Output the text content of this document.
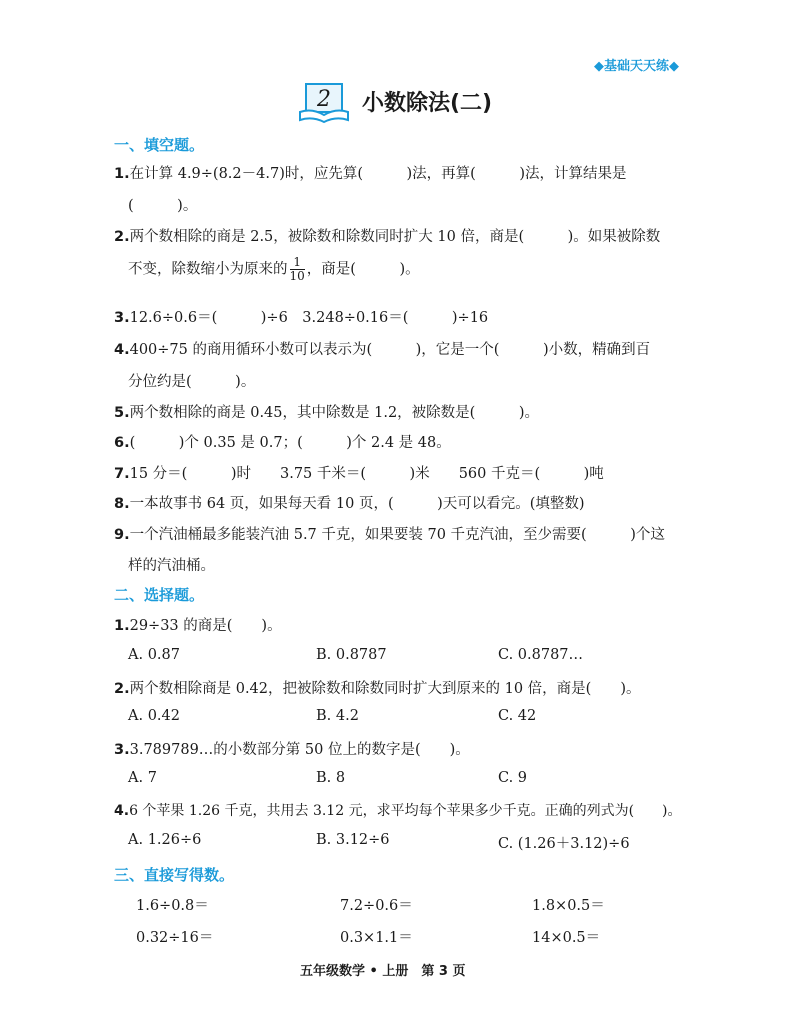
◆基础天天练◆
2 小数除法(二)
一、填空题。
1.在计算 4.9÷(8.2－4.7)时，应先算(　　　)法，再算(　　　)法，计算结果是
(　　　)。
2.两个数相除的商是 2.5，被除数和除数同时扩大 10 倍，商是(　　　)。如果被除数
不变，除数缩小为原来的 $\frac{1}{10}$ ，商是(　　　)。
3.12.6÷0.6＝(　　　)÷6　3.248÷0.16＝(　　　)÷16
4.400÷75 的商用循环小数可以表示为(　　　)，它是一个(　　　)小数，精确到百
分位约是(　　　)。
5.两个数相除的商是 0.45，其中除数是 1.2，被除数是(　　　)。
6.(　　　)个 0.35 是 0.7；(　　　)个 2.4 是 48。
7.15 分＝(　　　)时　　3.75 千米＝(　　　)米　　560 千克＝(　　　)吨
8.一本故事书 64 页，如果每天看 10 页，(　　　)天可以看完。(填整数)
9.一个汽油桶最多能装汽油 5.7 千克，如果要装 70 千克汽油，至少需要(　　　)个这
样的汽油桶。
二、选择题。
1.29÷33 的商是(　　)。
A. 0.87	B. 0.8787	C. 0.8787…
2.两个数相除商是 0.42，把被除数和除数同时扩大到原来的 10 倍，商是(　　)。
A. 0.42	B. 4.2	C. 42
3.3.789789…的小数部分第 50 位上的数字是(　　)。
A. 7	B. 8	C. 9
4.6 个苹果 1.26 千克，共用去 3.12 元，求平均每个苹果多少千克。正确的列式为(　　)。
A. 1.26÷6	B. 3.12÷6	C. (1.26＋3.12)÷6
三、直接写得数。
1.6÷0.8＝	7.2÷0.6＝	1.8×0.5＝
0.32÷16＝	0.3×1.1＝	14×0.5＝
五年级数学 • 上册　第 3 页
